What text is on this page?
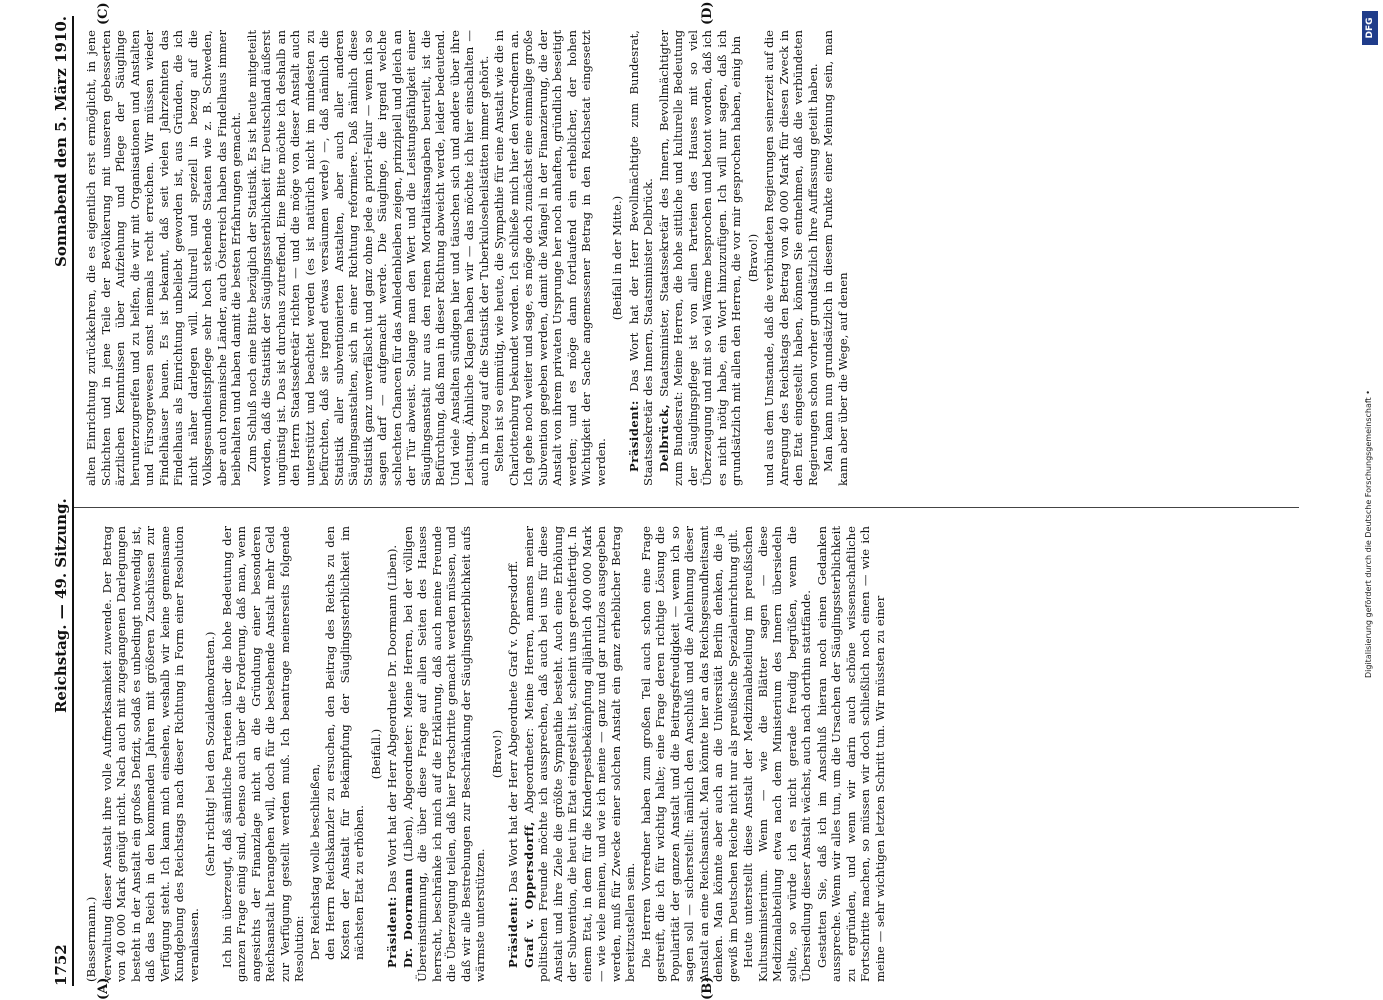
1752
Reichstag. — 49. Sitzung.
Sonnabend den 5. März 1910.
(A)	(B)
(C)	(D)

(Bassermann.) verwaltung dieser Anstalt ihre volle Aufmerksamkeit zuwende. Der Betrag von 40 000 Mark genügt nicht. Nach auch mit zugegangenen Darlegungen besteht in der Anstalt ein großes Defizit, sodaß es unbedingt notwendig ist, daß das Reich in den kommenden Jahren mit größeren Zuschüssen zur Verfügung steht. Ich kann mich einsehen, weshalb wir keine gemeinsame Kundgebung des Reichstags nach dieser Richtung in Form einer Resolution veranlassen.

(Sehr richtig! bei den Sozialdemokraten.) Ich bin überzeugt, daß sämtliche Parteien über die hohe Bedeutung der ganzen Frage einig sind, ebenso auch über die Forderung, daß man, wenn angesichts der Finanzlage nicht an die Gründung einer besonderen Reichsanstalt herangehen will, doch für die bestehende Anstalt mehr Geld zur Verfügung gestellt werden muß. Ich beantrage meinerseits folgende Resolution: Der Reichstag wolle beschließen, den Herrn Reichskanzler zu ersuchen, den Beitrag des Reichs zu den Kosten der Anstalt für Bekämpfung der Säuglingssterblichkeit im nächsten Etat zu erhöhen.

(Beifall.)

Präsident: Das Wort hat der Herr Abgeordnete Dr. Doormann (Liben).

Dr. Doormann (Liben), Abgeordneter: Meine Herren, bei der völligen Übereinstimmung, die über diese Frage auf allen Seiten des Hauses herrscht, beschränke ich mich auf die Erklärung, daß auch meine Freunde die Überzeugung teilen, daß hier Fortschritte gemacht werden müssen, und daß wir alle Bestrebungen zur Beschränkung der Säuglingssterblichkeit aufs wärmste unterstützen.

(Bravo!)

Präsident: Das Wort hat der Herr Abgeordnete Graf v. Oppersdorff.

Graf v. Oppersdorff, Abgeordneter: Meine Herren, namens meiner politischen Freunde möchte ich aussprechen, daß auch bei uns für diese Anstalt und ihre Ziele die größte Sympathie besteht. Auch eine Erhöhung der Subvention, die heut im Etat eingestellt ist, scheint uns gerechtfertigt. In einem Etat, in dem für die Kinderpestbekämpfung alljährlich 400 000 Mark — wie viele meinen, und wie ich meine — ganz und gar nutzlos ausgegeben werden, muß für Zwecke einer solchen Anstalt ein ganz erheblicher Betrag bereitzustellen sein. Die Herren Vorredner haben zum großen Teil auch schon eine Frage gestreift, die ich für wichtig halte; eine Frage deren richtige Lösung die Popularität der ganzen Anstalt und die Beitragsfreudigkeit — wenn ich so sagen soll — sicherstellt: nämlich den Anschluß und die Anlehnung dieser Anstalt an eine Reichsanstalt. Man könnte hier an das Reichsgesundheitsamt denken. Man könnte aber auch an die Universität Berlin denken, die ja gewiß im Deutschen Reiche nicht nur als preußische Spezialeinrichtung gilt. Heute unterstellt diese Anstalt der Medizinalabteilung im preußischen Kultusministerium. Wenn — wie die Blätter sagen — diese Medizinalabteilung etwa nach dem Ministerium des Innern übersiedeln sollte, so würde ich es nicht gerade freudig begrüßen, wenn die Übersiedlung dieser Anstalt wächst, auch nach dorthin stattfände. Gestatten Sie, daß ich im Anschluß hieran noch einen Gedanken ausspreche. Wenn wir alles tun, um die Ursachen der Säuglingssterblichkeit zu ergründen, und wenn wir darin auch schöne wissenschaftliche Fortschritte machen, so müssen wir doch schließlich noch einen — wie ich meine — sehr wichtigen letzten Schritt tun. Wir müssten zu einer

alten Einrichtung zurückkehren, die es eigentlich erst ermöglicht, in jene Schichten und in jene Teile der Bevölkerung mit unseren gebesserten ärztlichen Kenntnissen über Aufziehung und Pflege der Säuglinge herunterzugreifen und zu helfen, die wir mit Organisationen und Anstalten und Fürsorgewesen sonst niemals recht erreichen. Wir müssen wieder Findelhäuser bauen. Es ist bekannt, daß seit vielen Jahrzehnten das Findelhaus als Einrichtung unbeliebt geworden ist, aus Gründen, die ich nicht näher darlegen will. Kulturell und speziell in bezug auf die Volksgesundheitspflege sehr hoch stehende Staaten wie z. B. Schweden, aber auch romanische Länder, auch Österreich haben das Findelhaus immer beibehalten und haben damit die besten Erfahrungen gemacht. Zum Schluß noch eine Bitte bezüglich der Statistik. Es ist heute mitgeteilt worden, daß die Statistik der Säuglingssterblichkeit für Deutschland äußerst ungünstig ist. Das ist durchaus zutreffend. Eine Bitte möchte ich deshalb an den Herrn Staatssekretär richten — und die möge von dieser Anstalt auch unterstützt und beachtet werden (es ist natürlich nicht im mindesten zu befürchten, daß sie irgend etwas versäumen werde) —, daß nämlich die Statistik aller subventionierten Anstalten, aber auch aller anderen Säuglingsanstalten, sich in einer Richtung reformiere. Daß nämlich diese Statistik ganz unverfälscht und ganz ohne jede a priori-Feilur — wenn ich so sagen darf — aufgemacht werde. Die Säuglinge, die irgend welche schlechten Chancen für das Amledenbleiben zeigen, prinzipiell und gleich an der Tür abweist. Solange man den Wert und die Leistungsfähigkeit einer Säuglingsanstalt nur aus den reinen Mortalitätsangaben beurteilt, ist die Befürchtung, daß man in dieser Richtung abweicht werde, leider bedeutend. Und viele Anstalten sündigen hier und täuschen sich und andere über ihre Leistung. Ähnliche Klagen haben wir — das möchte ich hier einschalten — auch in bezug auf die Statistik der Tuberkuloseheilstätten immer gehört. Selten ist so einmütig, wie heute, die Sympathie für eine Anstalt wie die in Charlottenburg bekundet worden. Ich schließe mich hier den Vorrednern an. Ich gehe noch weiter und sage, es möge doch zunächst eine einmalige große Subvention gegeben werden, damit die Mängel in der Finanzierung, die der Anstalt von ihrem privaten Ursprunge her noch anhaften, gründlich beseitigt werden; und es möge dann fortlaufend ein erheblicher, der hohen Wichtigkeit der Sache angemessener Betrag in den Reichsetat eingesetzt werden.

(Beifall in der Mitte.)

Präsident: Das Wort hat der Herr Bevollmächtigte zum Bundesrat, Staatssekretär des Innern, Staatsminister Delbrück. Delbrück, Staatsminister, Staatssekretär des Innern, Bevollmächtigter zum Bundesrat: Meine Herren, die hohe sittliche und kulturelle Bedeutung der Säuglingspflege ist von allen Parteien des Hauses mit so viel Überzeugung und mit so viel Wärme besprochen und betont worden, daß ich es nicht nötig habe, ein Wort hinzuzufügen. Ich will nur sagen, daß ich grundsätzlich mit allen den Herren, die vor mir gesprochen haben, einig bin (Bravo!) und aus dem Umstande, daß die verbündeten Regierungen seinerzeit auf die Anregung des Reichstags den Betrag von 40 000 Mark für diesen Zweck in den Etat eingestellt haben, können Sie entnehmen, daß die verbündeten Regierungen schon vorher grundsätzlich Ihre Auffassung geteilt haben. Man kann nun grundsätzlich in diesem Punkte einer Meinung sein, man kann aber über die Wege, auf denen

Digitalisierung gefördert durch die Deutsche Forschungsgemeinschaft •
DFG
